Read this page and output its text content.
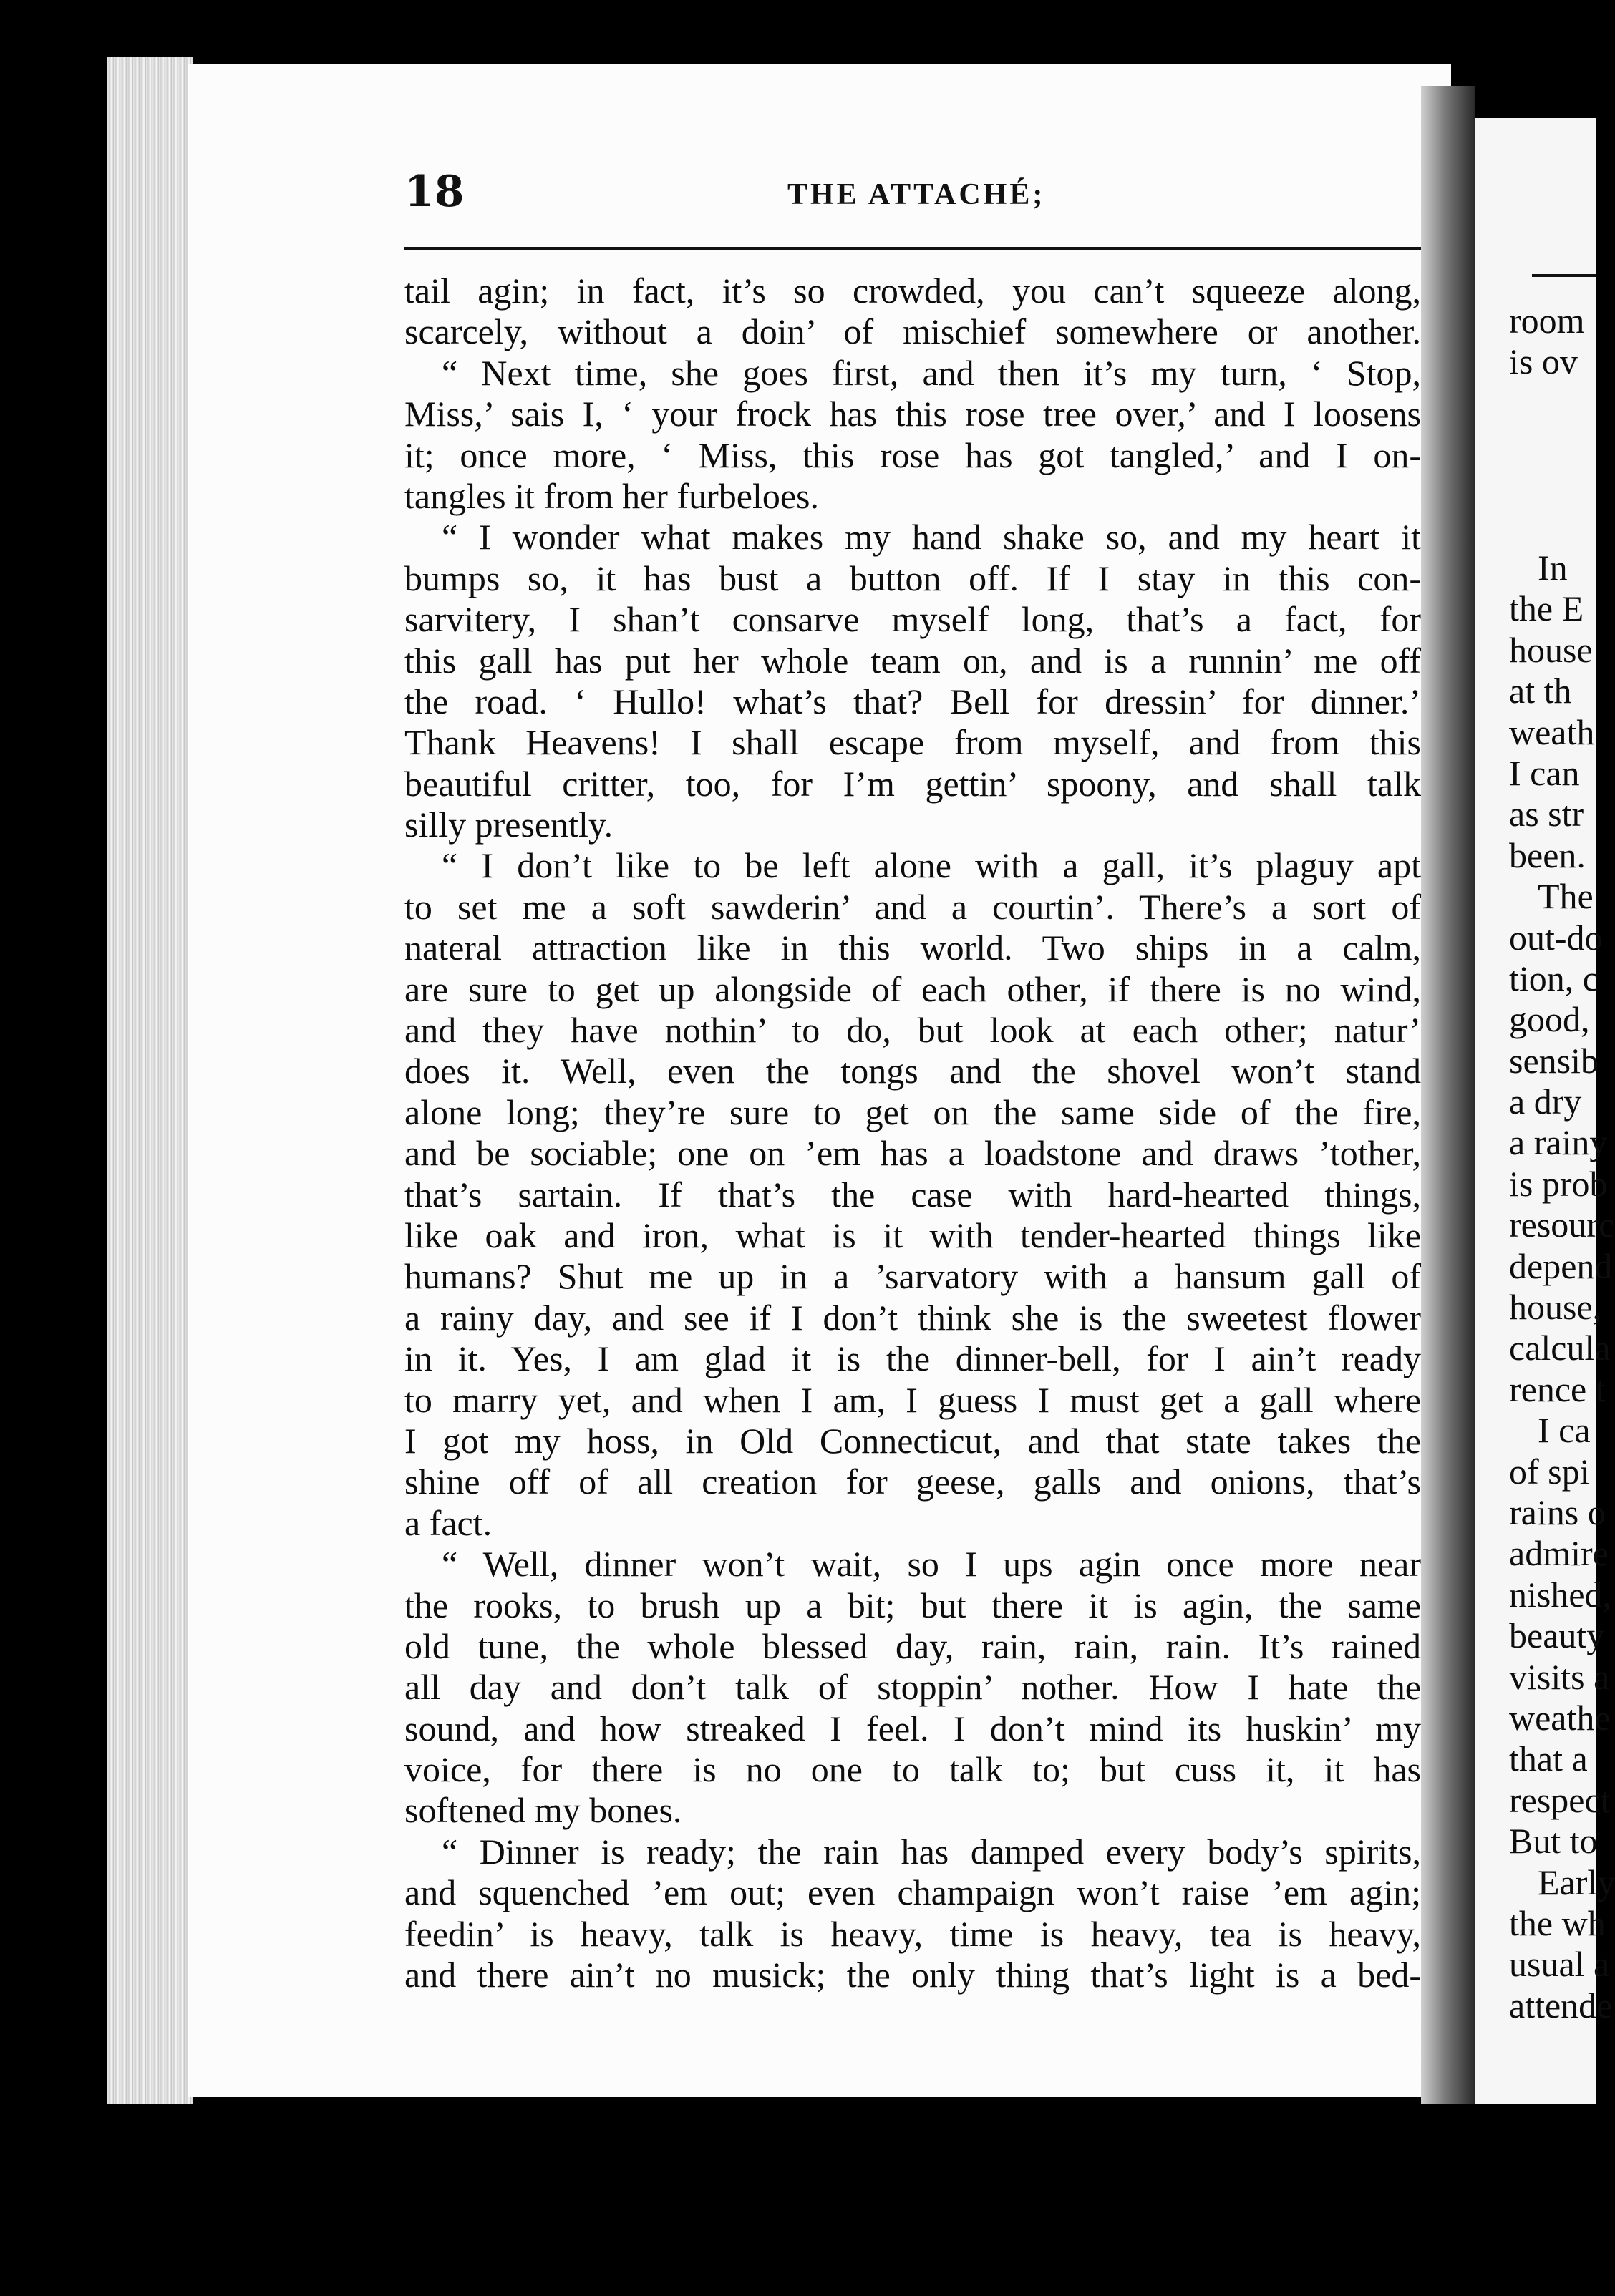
18	THE ATTACHÉ;
tail agin; in fact, it’s so crowded, you can’t squeeze along,
scarcely, without a doin’ of mischief somewhere or another.
“ Next time, she goes first, and then it’s my turn, ‘ Stop,
Miss,’ sais I, ‘ your frock has this rose tree over,’ and I loosens
it; once more, ‘ Miss, this rose has got tangled,’ and I on-
tangles it from her furbeloes.
“ I wonder what makes my hand shake so, and my heart it
bumps so, it has bust a button off. If I stay in this con-
sarvitery, I shan’t consarve myself long, that’s a fact, for
this gall has put her whole team on, and is a runnin’ me off
the road. ‘ Hullo! what’s that? Bell for dressin’ for dinner.’
Thank Heavens! I shall escape from myself, and from this
beautiful critter, too, for I’m gettin’ spoony, and shall talk
silly presently.
“ I don’t like to be left alone with a gall, it’s plaguy apt
to set me a soft sawderin’ and a courtin’. There’s a sort of
nateral attraction like in this world. Two ships in a calm,
are sure to get up alongside of each other, if there is no wind,
and they have nothin’ to do, but look at each other; natur’
does it. Well, even the tongs and the shovel won’t stand
alone long; they’re sure to get on the same side of the fire,
and be sociable; one on ’em has a loadstone and draws ’tother,
that’s sartain. If that’s the case with hard-hearted things,
like oak and iron, what is it with tender-hearted things like
humans? Shut me up in a ’sarvatory with a hansum gall of
a rainy day, and see if I don’t think she is the sweetest flower
in it. Yes, I am glad it is the dinner-bell, for I ain’t ready
to marry yet, and when I am, I guess I must get a gall where
I got my hoss, in Old Connecticut, and that state takes the
shine off of all creation for geese, galls and onions, that’s
a fact.
“ Well, dinner won’t wait, so I ups agin once more near
the rooks, to brush up a bit; but there it is agin, the same
old tune, the whole blessed day, rain, rain, rain. It’s rained
all day and don’t talk of stoppin’ nother. How I hate the
sound, and how streaked I feel. I don’t mind its huskin’ my
voice, for there is no one to talk to; but cuss it, it has
softened my bones.
“ Dinner is ready; the rain has damped every body’s spirits,
and squenched ’em out; even champaign won’t raise ’em agin;
feedin’ is heavy, talk is heavy, time is heavy, tea is heavy,
and there ain’t no musick; the only thing that’s light is a bed-
room
is ov
In
the E
house
at th
weath
I can
as str
been.
The
out-do
tion, c
good,
sensib
a dry
a rainy
is prob
resourc
depend
house,
calcula
rence t
I ca
of spi
rains o
admire
nished,
beauty
visits a
weathe
that a
respect
But to
Early
the wh
usual a
attende
